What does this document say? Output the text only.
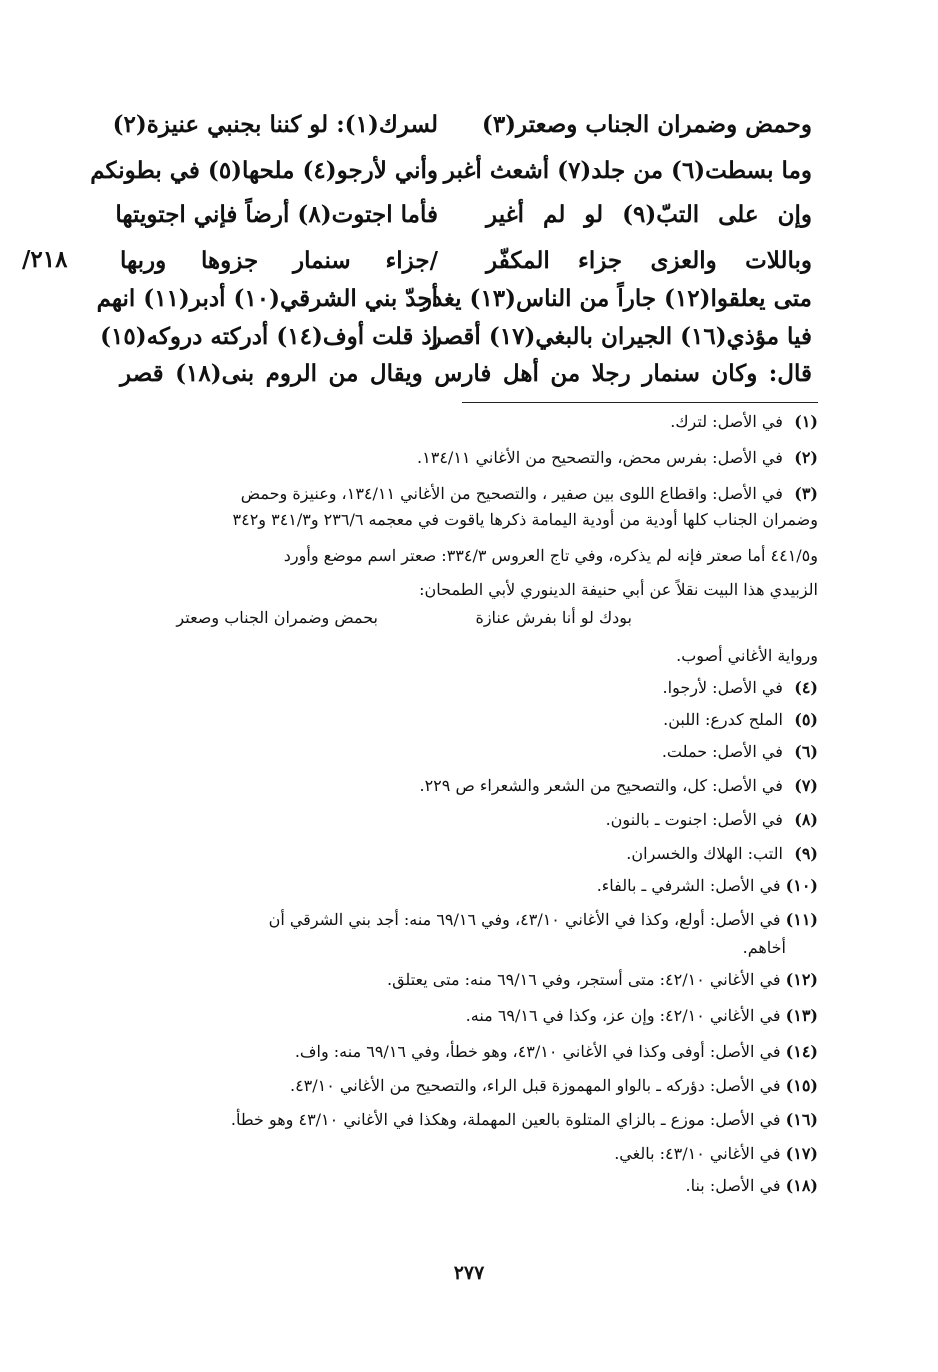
لسرك(١): لو كننا بجنبي عنيزة(٢) وحمض وضمران الجناب وصعتر(٣)
وأني لأرجو(٤) ملحها(٥) في بطونكم وما بسطت(٦) من جلد(٧) أشعث أغبر
فأما اجتوت(٨) أرضاً فإني اجتويتها وإن على التبّ(٩) لو لم أغير
/جزاء سنمار جزوها وربها وباللات والعزى جزاء المكفّر
أجدّ بني الشرقي(١٠) أدبر(١١) انهم
متى يعلقوا(١٢) جاراً من الناس(١٣) يغدر
إذ قلت أوف(١٤) أدركته دروكه(١٥)
فيا مؤذي(١٦) الجيران بالبغي(١٧) أقصر
٢١٨/
قال: وكان سنمار رجلا من أهل فارس ويقال من الروم بنى(١٨) قصر
(١) في الأصل: لترك.
(٢) في الأصل: بفرس محض، والتصحيح من الأغاني ١٣٤/١١.
(٣) في الأصل: واقطاع اللوى بين صفير ، والتصحيح من الأغاني ١٣٤/١١، وعنيزة وحمض
وضمران الجناب كلها أودية من أودية اليمامة ذكرها ياقوت في معجمه ٢٣٦/٦ و٣٤١/٣ و٣٤٢
و٤٤١/٥ أما صعتر فإنه لم يذكره، وفي تاج العروس ٣٣٤/٣: صعتر اسم موضع وأورد
الزبيدي هذا البيت نقلاً عن أبي حنيفة الدينوري لأبي الطمحان:
بودك لو أنا بفرش عنازة
بحمض وضمران الجناب وصعتر
ورواية الأغاني أصوب.
(٤) في الأصل: لأرجوا.
(٥) الملح كدرع: اللبن.
(٦) في الأصل: حملت.
(٧) في الأصل: كل، والتصحيح من الشعر والشعراء ص ٢٢٩.
(٨) في الأصل: اجنوت ـ بالنون.
(٩) التب: الهلاك والخسران.
(١٠) في الأصل: الشرفي ـ بالفاء.
(١١) في الأصل: أولع، وكذا في الأغاني ٤٣/١٠، وفي ٦٩/١٦ منه: أجد بني الشرقي أن
أخاهم.
(١٢) في الأغاني ٤٢/١٠: متى أستجر، وفي ٦٩/١٦ منه: متى يعتلق.
(١٣) في الأغاني ٤٢/١٠: وإن عز، وكذا في ٦٩/١٦ منه.
(١٤) في الأصل: أوفى وكذا في الأغاني ٤٣/١٠، وهو خطأ، وفي ٦٩/١٦ منه: واف.
(١٥) في الأصل: دؤركه ـ بالواو المهموزة قبل الراء، والتصحيح من الأغاني ٤٣/١٠.
(١٦) في الأصل: موزع ـ بالزاي المتلوة بالعين المهملة، وهكذا في الأغاني ٤٣/١٠ وهو خطأ.
(١٧) في الأغاني ٤٣/١٠: بالغي.
(١٨) في الأصل: بنا.
٢٧٧
